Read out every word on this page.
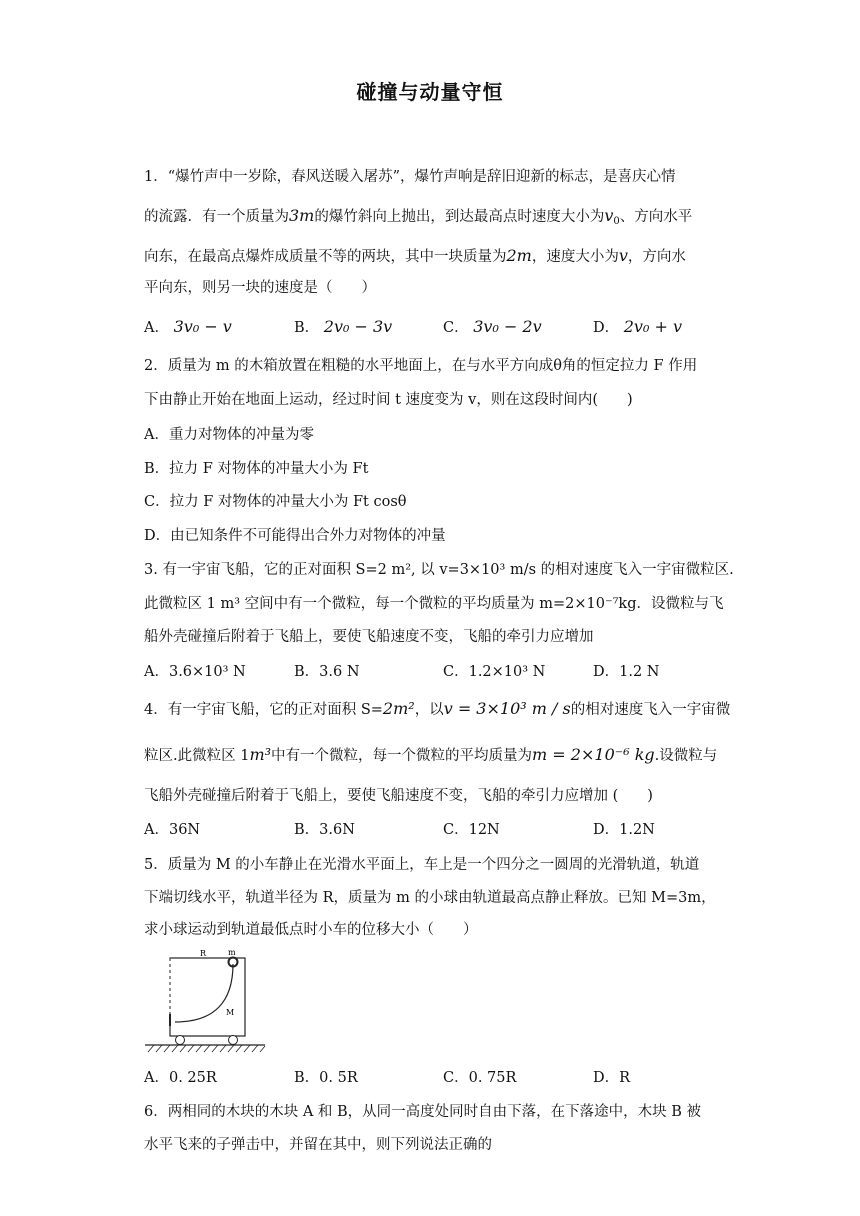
碰撞与动量守恒
1．“爆竹声中一岁除，春风送暖入屠苏”，爆竹声响是辞旧迎新的标志，是喜庆心情
的流露．有一个质量为3m的爆竹斜向上抛出，到达最高点时速度大小为$v_0$、方向水平
向东，在最高点爆炸成质量不等的两块，其中一块质量为2m，速度大小为v，方向水
平向东，则另一块的速度是（　　）
A． 3v₀ − v	B． 2v₀ − 3v	C． 3v₀ − 2v	D． 2v₀ + v
2．质量为 m 的木箱放置在粗糙的水平地面上，在与水平方向成θ角的恒定拉力 F 作用
下由静止开始在地面上运动，经过时间 t 速度变为 v，则在这段时间内(　　)
A．重力对物体的冲量为零
B．拉力 F 对物体的冲量大小为 Ft
C．拉力 F 对物体的冲量大小为 Ft cosθ
D．由已知条件不可能得出合外力对物体的冲量
3. 有一宇宙飞船，它的正对面积 S=2 m², 以 v=3×10³ m/s 的相对速度飞入一宇宙微粒区.
此微粒区 1 m³ 空间中有一个微粒，每一个微粒的平均质量为 m=2×10⁻⁷kg．设微粒与飞
船外壳碰撞后附着于飞船上，要使飞船速度不变，飞船的牵引力应增加
A．3.6×10³ N	B．3.6 N	C．1.2×10³ N	D．1.2 N
4．有一宇宙飞船，它的正对面积 S=2m²，以v = 3×10³ m / s的相对速度飞入一宇宙微
粒区.此微粒区 1m³中有一个微粒，每一个微粒的平均质量为m = 2×10⁻⁶ kg.设微粒与
飞船外壳碰撞后附着于飞船上，要使飞船速度不变，飞船的牵引力应增加 (　　)
A．36N	B．3.6N	C．12N	D．1.2N
5．质量为 M 的小车静止在光滑水平面上，车上是一个四分之一圆周的光滑轨道，轨道
下端切线水平，轨道半径为 R，质量为 m 的小球由轨道最高点静止释放。已知 M=3m，
求小球运动到轨道最低点时小车的位移大小（　　）
R	m
M
A．0. 25R	B．0. 5R	C．0. 75R	D．R
6．两相同的木块的木块 A 和 B，从同一高度处同时自由下落，在下落途中，木块 B 被
水平飞来的子弹击中，并留在其中，则下列说法正确的
